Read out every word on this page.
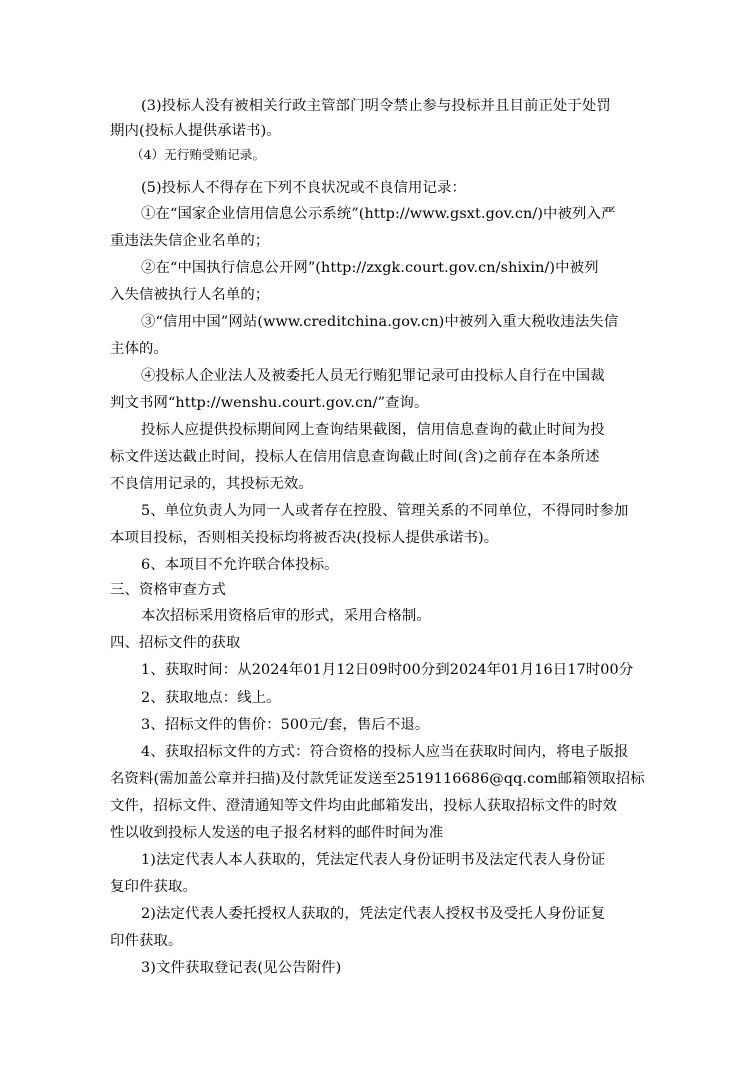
(3)投标人没有被相关行政主管部门明令禁止参与投标并且目前正处于处罚
期内(投标人提供承诺书)。
（4）无行贿受贿记录。
(5)投标人不得存在下列不良状况或不良信用记录：
①在“国家企业信用信息公示系统”(http://www.gsxt.gov.cn/)中被列入严
重违法失信企业名单的；
②在“中国执行信息公开网”(http://zxgk.court.gov.cn/shixin/)中被列
入失信被执行人名单的；
③“信用中国”网站(www.creditchina.gov.cn)中被列入重大税收违法失信
主体的。
④投标人企业法人及被委托人员无行贿犯罪记录可由投标人自行在中国裁
判文书网“http://wenshu.court.gov.cn/”查询。
投标人应提供投标期间网上查询结果截图，信用信息查询的截止时间为投
标文件送达截止时间，投标人在信用信息查询截止时间(含)之前存在本条所述
不良信用记录的，其投标无效。
5、单位负责人为同一人或者存在控股、管理关系的不同单位，不得同时参加
本项目投标，否则相关投标均将被否决(投标人提供承诺书)。
6、本项目不允许联合体投标。
三、资格审查方式
本次招标采用资格后审的形式，采用合格制。
四、招标文件的获取
1、获取时间：从2024年01月12日09时00分到2024年01月16日17时00分
2、获取地点：线上。
3、招标文件的售价：500元/套，售后不退。
4、获取招标文件的方式：符合资格的投标人应当在获取时间内，将电子版报
名资料(需加盖公章并扫描)及付款凭证发送至2519116686@qq.com邮箱领取招标
文件，招标文件、澄清通知等文件均由此邮箱发出，投标人获取招标文件的时效
性以收到投标人发送的电子报名材料的邮件时间为准
1)法定代表人本人获取的，凭法定代表人身份证明书及法定代表人身份证
复印件获取。
2)法定代表人委托授权人获取的，凭法定代表人授权书及受托人身份证复
印件获取。
3)文件获取登记表(见公告附件)
